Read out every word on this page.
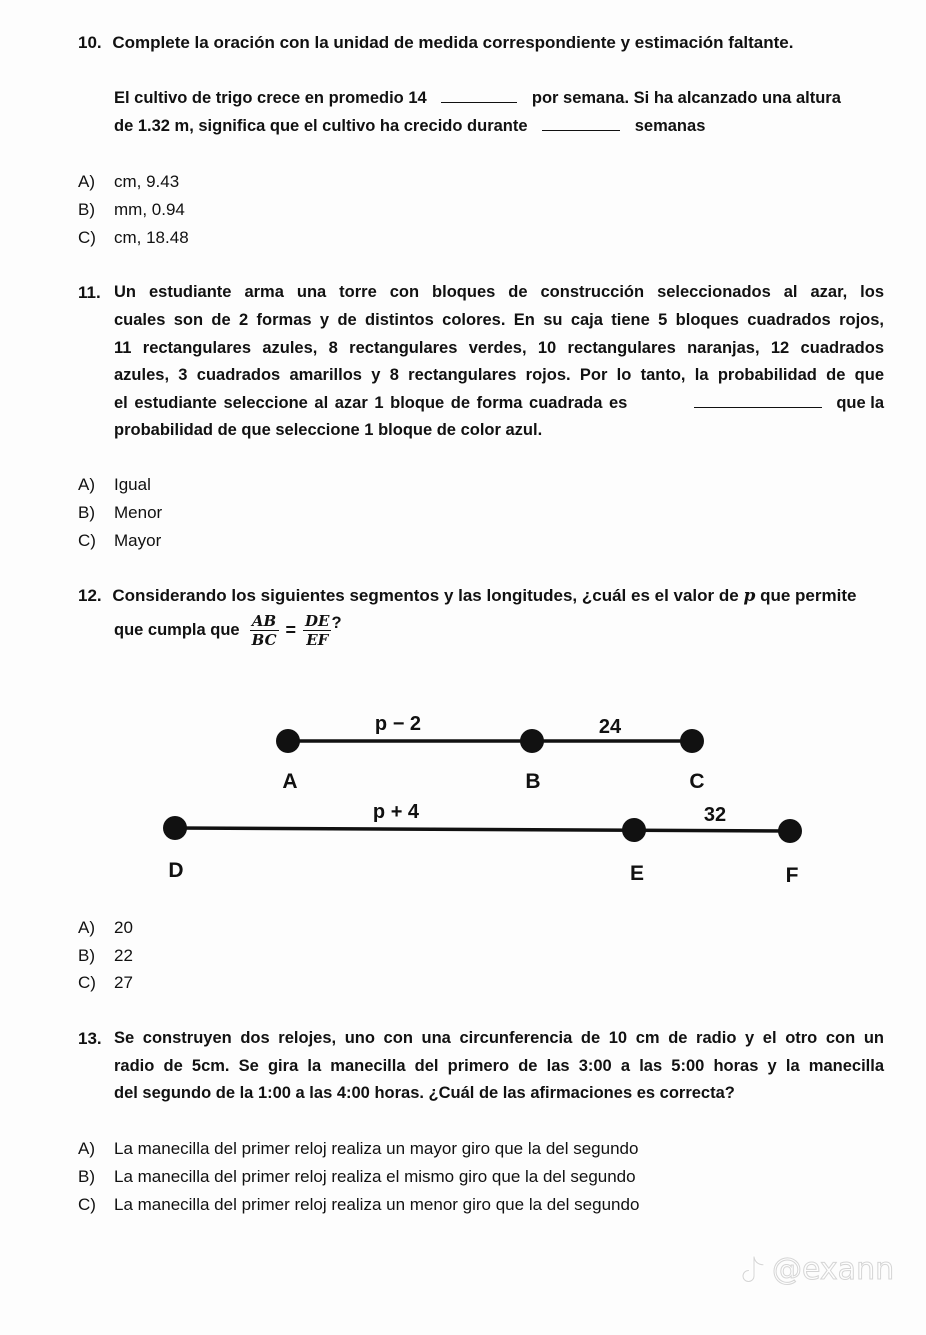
10. Complete la oración con la unidad de medida correspondiente y estimación faltante.
El cultivo de trigo crece en promedio 14	por semana. Si ha alcanzado una altura
de 1.32 m, significa que el cultivo ha crecido durante	semanas
A) cm, 9.43
B) mm, 0.94
C) cm, 18.48
11. Un estudiante arma una torre con bloques de construcción seleccionados al azar, los
cuales son de 2 formas y de distintos colores. En su caja tiene 5 bloques cuadrados rojos,
11 rectangulares azules, 8 rectangulares verdes, 10 rectangulares naranjas, 12 cuadrados
azules, 3 cuadrados amarillos y 8 rectangulares rojos. Por lo tanto, la probabilidad de que
el estudiante seleccione al azar 1 bloque de forma cuadrada es	que la
probabilidad de que seleccione 1 bloque de color azul.
A) Igual
B) Menor
C) Mayor
12. Considerando los siguientes segmentos y las longitudes, ¿cuál es el valor de p que permite
que cumpla que $\frac{AB}{BC} = \frac{DE}{EF}$ ?
p − 2	24
A	B	C
p + 4	32
D	E	F
A) 20
B) 22
C) 27
13. Se construyen dos relojes, uno con una circunferencia de 10 cm de radio y el otro con un
radio de 5cm. Se gira la manecilla del primero de las 3:00 a las 5:00 horas y la manecilla
del segundo de la 1:00 a las 4:00 horas. ¿Cuál de las afirmaciones es correcta?
A) La manecilla del primer reloj realiza un mayor giro que la del segundo
B) La manecilla del primer reloj realiza el mismo giro que la del segundo
C) La manecilla del primer reloj realiza un menor giro que la del segundo
@exann
